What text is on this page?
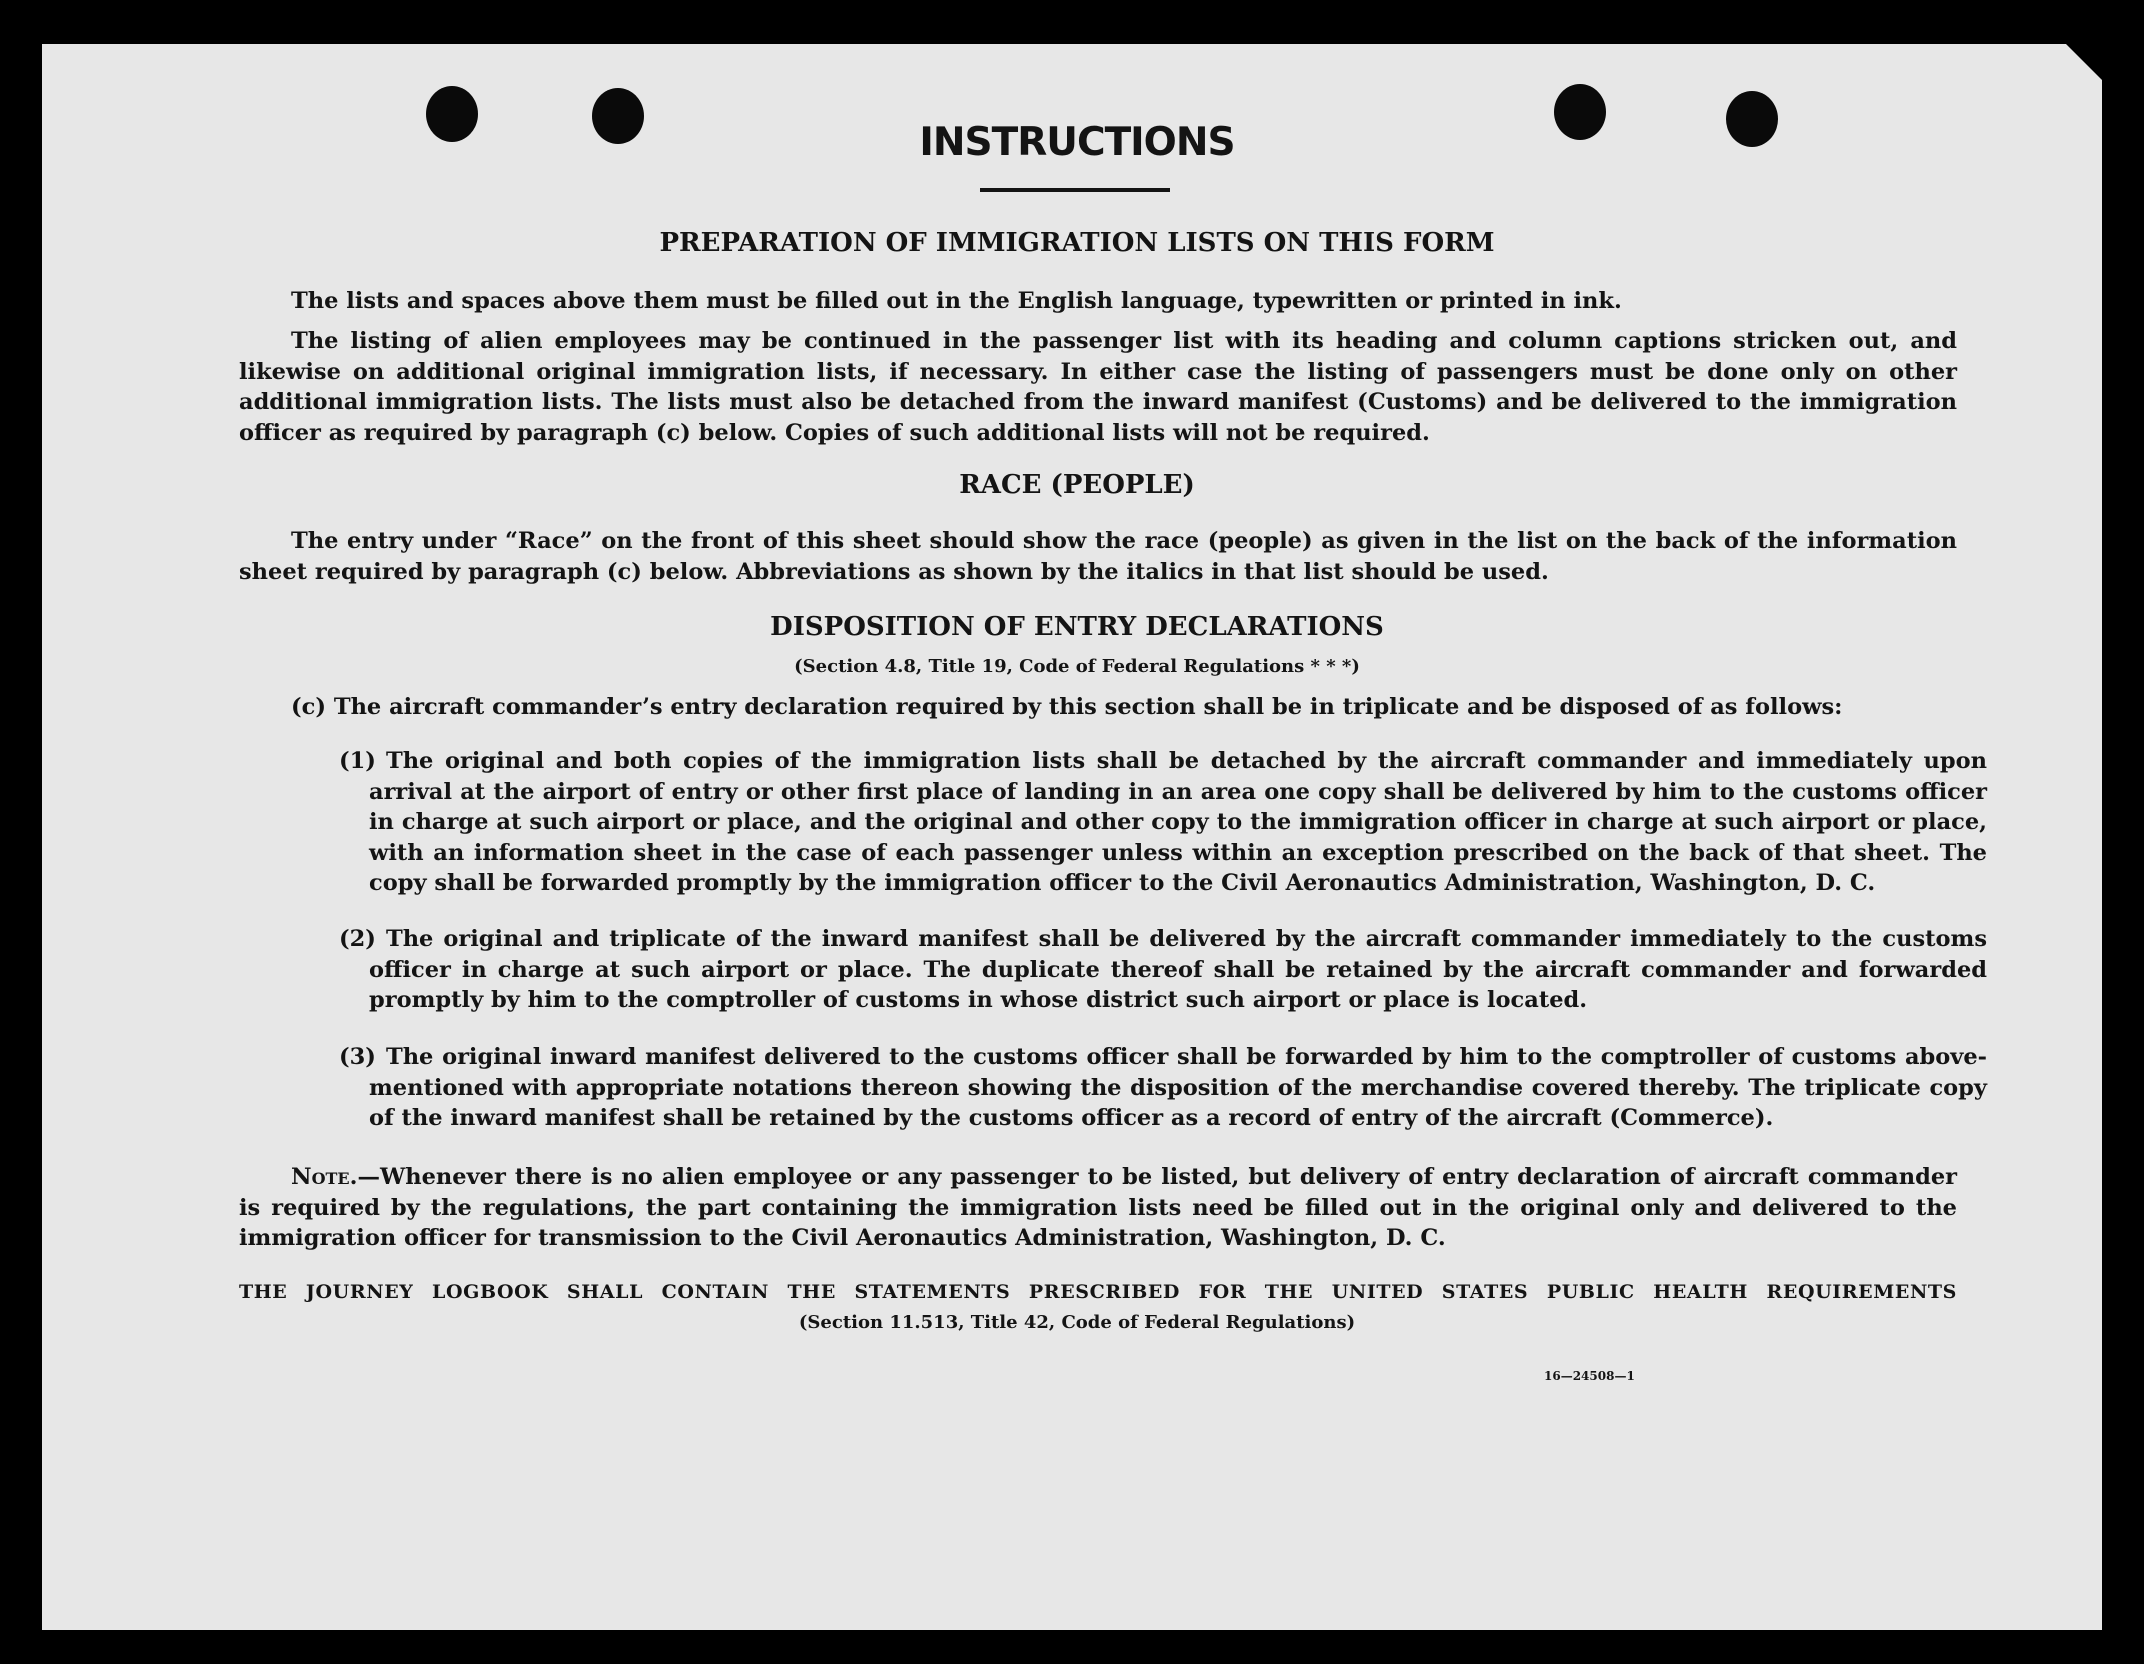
INSTRUCTIONS
PREPARATION OF IMMIGRATION LISTS ON THIS FORM
The lists and spaces above them must be filled out in the English language, typewritten or printed in ink.
The listing of alien employees may be continued in the passenger list with its heading and column captions stricken out, and likewise on additional original immigration lists, if necessary. In either case the listing of passengers must be done only on other additional immigration lists. The lists must also be detached from the inward manifest (Customs) and be delivered to the immigration officer as required by paragraph (c) below. Copies of such additional lists will not be required.
RACE (PEOPLE)
The entry under “Race” on the front of this sheet should show the race (people) as given in the list on the back of the information sheet required by paragraph (c) below. Abbreviations as shown by the italics in that list should be used.
DISPOSITION OF ENTRY DECLARATIONS
(Section 4.8, Title 19, Code of Federal Regulations * * *)
(c) The aircraft commander’s entry declaration required by this section shall be in triplicate and be disposed of as follows:
(1) The original and both copies of the immigration lists shall be detached by the aircraft commander and immediately upon arrival at the airport of entry or other first place of landing in an area one copy shall be delivered by him to the customs officer in charge at such airport or place, and the original and other copy to the immigration officer in charge at such airport or place, with an information sheet in the case of each passenger unless within an exception prescribed on the back of that sheet. The copy shall be forwarded promptly by the immigration officer to the Civil Aeronautics Administration, Washington, D. C.
(2) The original and triplicate of the inward manifest shall be delivered by the aircraft commander immediately to the customs officer in charge at such airport or place. The duplicate thereof shall be retained by the aircraft commander and forwarded promptly by him to the comptroller of customs in whose district such airport or place is located.
(3) The original inward manifest delivered to the customs officer shall be forwarded by him to the comptroller of customs above-mentioned with appropriate notations thereon showing the disposition of the merchandise covered thereby. The triplicate copy of the inward manifest shall be retained by the customs officer as a record of entry of the aircraft (Commerce).
Note.—Whenever there is no alien employee or any passenger to be listed, but delivery of entry declaration of aircraft commander is required by the regulations, the part containing the immigration lists need be filled out in the original only and delivered to the immigration officer for transmission to the Civil Aeronautics Administration, Washington, D. C.
THE JOURNEY LOGBOOK SHALL CONTAIN THE STATEMENTS PRESCRIBED FOR THE UNITED STATES PUBLIC HEALTH REQUIREMENTS
(Section 11.513, Title 42, Code of Federal Regulations)
16—24508—1
